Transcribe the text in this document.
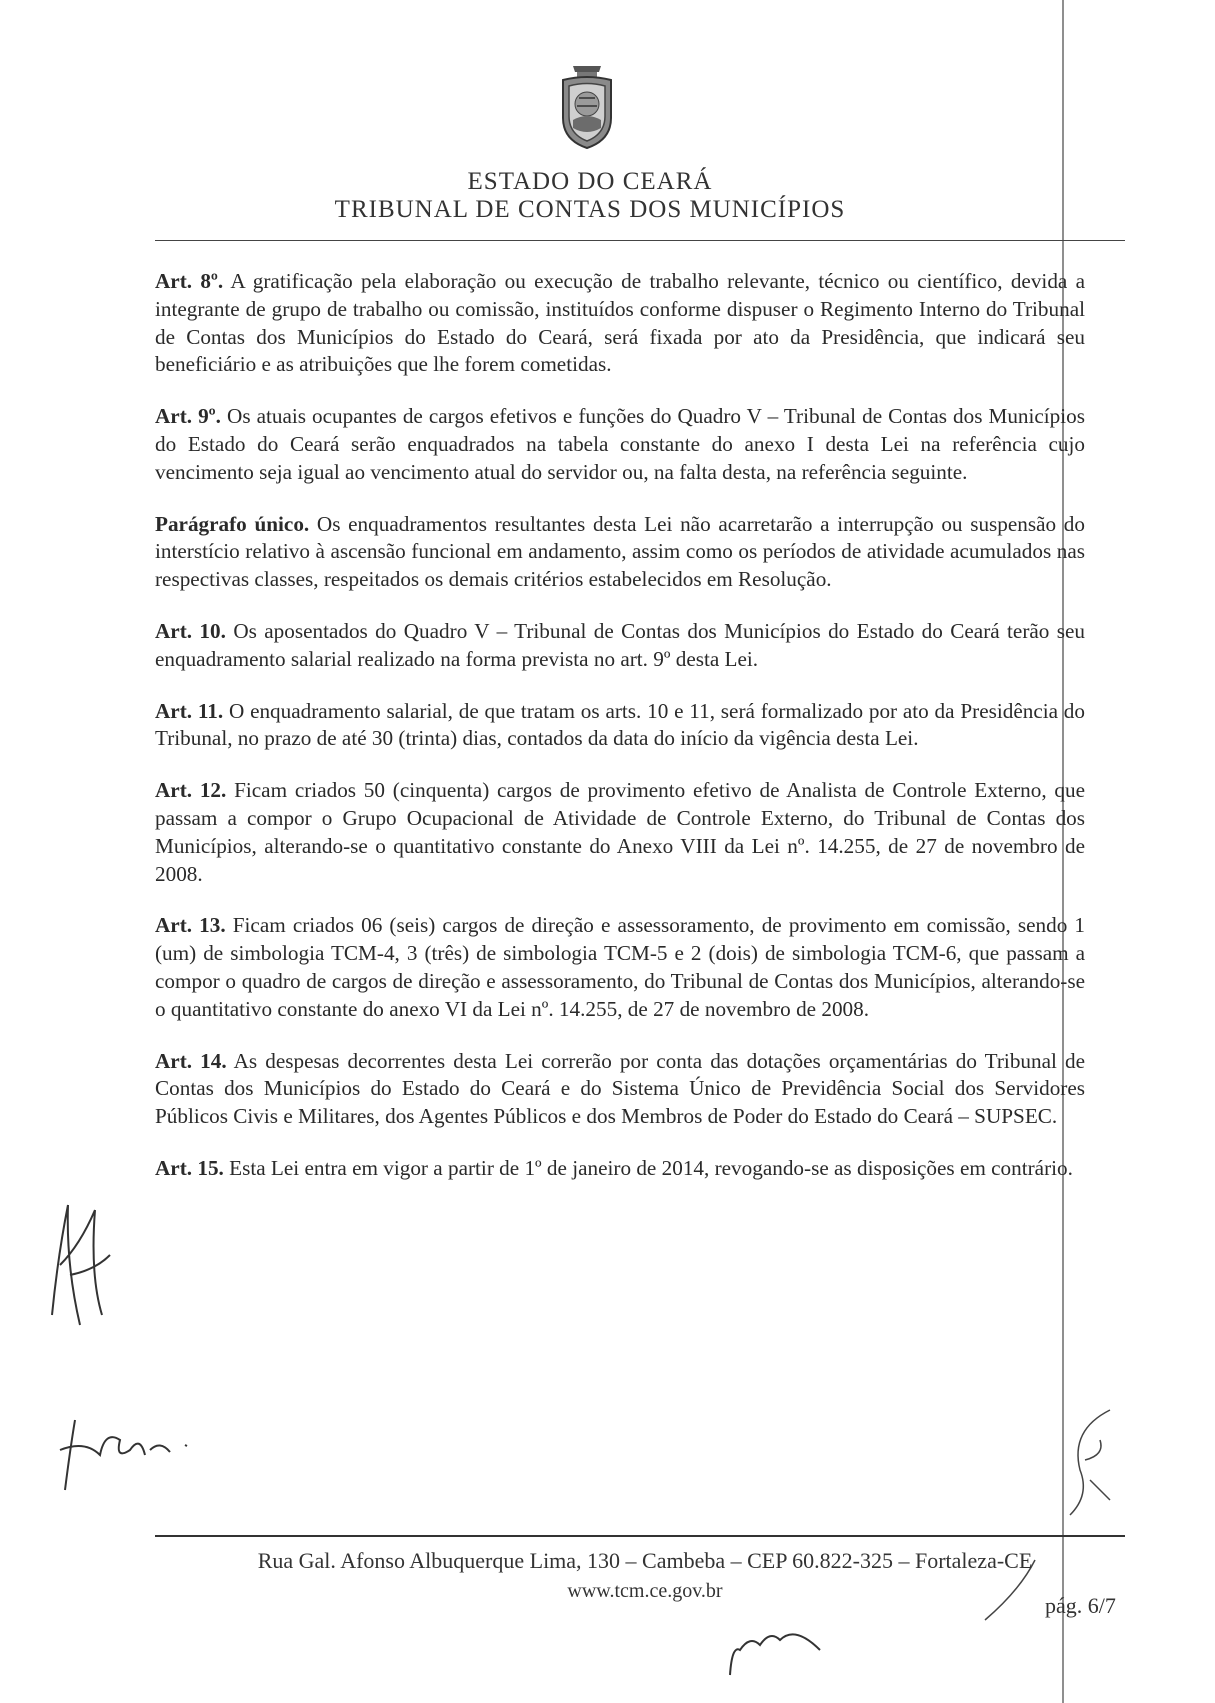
ESTADO DO CEARÁ
TRIBUNAL DE CONTAS DOS MUNICÍPIOS

Art. 8º. A gratificação pela elaboração ou execução de trabalho relevante, técnico ou científico, devida a integrante de grupo de trabalho ou comissão, instituídos conforme dispuser o Regimento Interno do Tribunal de Contas dos Municípios do Estado do Ceará, será fixada por ato da Presidência, que indicará seu beneficiário e as atribuições que lhe forem cometidas.

Art. 9º. Os atuais ocupantes de cargos efetivos e funções do Quadro V – Tribunal de Contas dos Municípios do Estado do Ceará serão enquadrados na tabela constante do anexo I desta Lei na referência cujo vencimento seja igual ao vencimento atual do servidor ou, na falta desta, na referência seguinte.

Parágrafo único. Os enquadramentos resultantes desta Lei não acarretarão a interrupção ou suspensão do interstício relativo à ascensão funcional em andamento, assim como os períodos de atividade acumulados nas respectivas classes, respeitados os demais critérios estabelecidos em Resolução.

Art. 10. Os aposentados do Quadro V – Tribunal de Contas dos Municípios do Estado do Ceará terão seu enquadramento salarial realizado na forma prevista no art. 9º desta Lei.

Art. 11. O enquadramento salarial, de que tratam os arts. 10 e 11, será formalizado por ato da Presidência do Tribunal, no prazo de até 30 (trinta) dias, contados da data do início da vigência desta Lei.

Art. 12. Ficam criados 50 (cinquenta) cargos de provimento efetivo de Analista de Controle Externo, que passam a compor o Grupo Ocupacional de Atividade de Controle Externo, do Tribunal de Contas dos Municípios, alterando-se o quantitativo constante do Anexo VIII da Lei nº. 14.255, de 27 de novembro de 2008.

Art. 13. Ficam criados 06 (seis) cargos de direção e assessoramento, de provimento em comissão, sendo 1 (um) de simbologia TCM-4, 3 (três) de simbologia TCM-5 e 2 (dois) de simbologia TCM-6, que passam a compor o quadro de cargos de direção e assessoramento, do Tribunal de Contas dos Municípios, alterando-se o quantitativo constante do anexo VI da Lei nº. 14.255, de 27 de novembro de 2008.

Art. 14. As despesas decorrentes desta Lei correrão por conta das dotações orçamentárias do Tribunal de Contas dos Municípios do Estado do Ceará e do Sistema Único de Previdência Social dos Servidores Públicos Civis e Militares, dos Agentes Públicos e dos Membros de Poder do Estado do Ceará – SUPSEC.

Art. 15. Esta Lei entra em vigor a partir de 1º de janeiro de 2014, revogando-se as disposições em contrário.

Rua Gal. Afonso Albuquerque Lima, 130 – Cambeba – CEP 60.822-325 – Fortaleza-CE
www.tcm.ce.gov.br
pág. 6/7
